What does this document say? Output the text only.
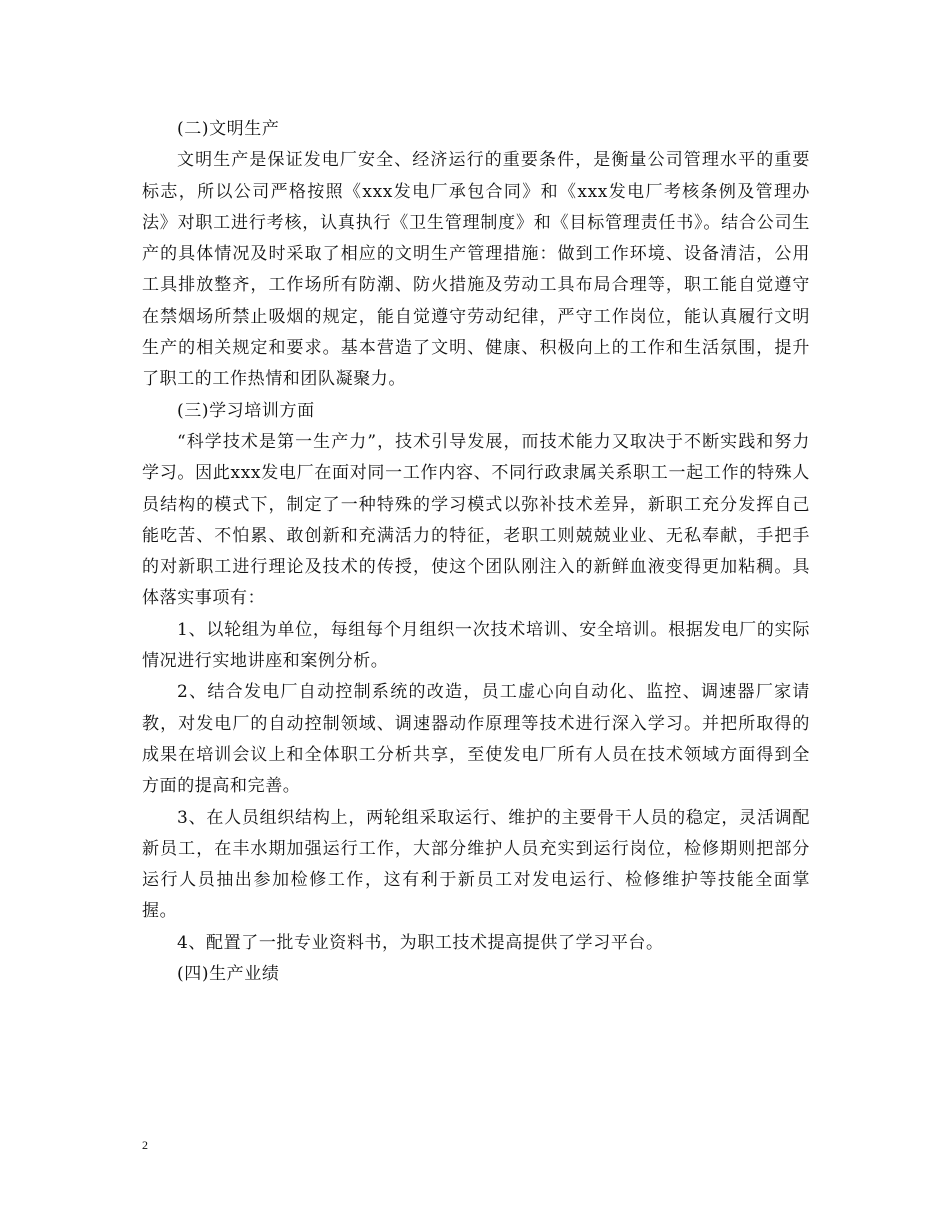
(二)文明生产

文明生产是保证发电厂安全、经济运行的重要条件，是衡量公司管理水平的重要标志，所以公司严格按照《xxx发电厂承包合同》和《xxx发电厂考核条例及管理办法》对职工进行考核，认真执行《卫生管理制度》和《目标管理责任书》。结合公司生产的具体情况及时采取了相应的文明生产管理措施：做到工作环境、设备清洁，公用工具排放整齐，工作场所有防潮、防火措施及劳动工具布局合理等，职工能自觉遵守在禁烟场所禁止吸烟的规定，能自觉遵守劳动纪律，严守工作岗位，能认真履行文明生产的相关规定和要求。基本营造了文明、健康、积极向上的工作和生活氛围，提升了职工的工作热情和团队凝聚力。

(三)学习培训方面

“科学技术是第一生产力”，技术引导发展，而技术能力又取决于不断实践和努力学习。因此xxx发电厂在面对同一工作内容、不同行政隶属关系职工一起工作的特殊人员结构的模式下，制定了一种特殊的学习模式以弥补技术差异，新职工充分发挥自己能吃苦、不怕累、敢创新和充满活力的特征，老职工则兢兢业业、无私奉献，手把手的对新职工进行理论及技术的传授，使这个团队刚注入的新鲜血液变得更加粘稠。具体落实事项有：

1、以轮组为单位，每组每个月组织一次技术培训、安全培训。根据发电厂的实际情况进行实地讲座和案例分析。

2、结合发电厂自动控制系统的改造，员工虚心向自动化、监控、调速器厂家请教，对发电厂的自动控制领域、调速器动作原理等技术进行深入学习。并把所取得的成果在培训会议上和全体职工分析共享，至使发电厂所有人员在技术领域方面得到全方面的提高和完善。

3、在人员组织结构上，两轮组采取运行、维护的主要骨干人员的稳定，灵活调配新员工，在丰水期加强运行工作，大部分维护人员充实到运行岗位，检修期则把部分运行人员抽出参加检修工作，这有利于新员工对发电运行、检修维护等技能全面掌握。

4、配置了一批专业资料书，为职工技术提高提供了学习平台。

(四)生产业绩

2
